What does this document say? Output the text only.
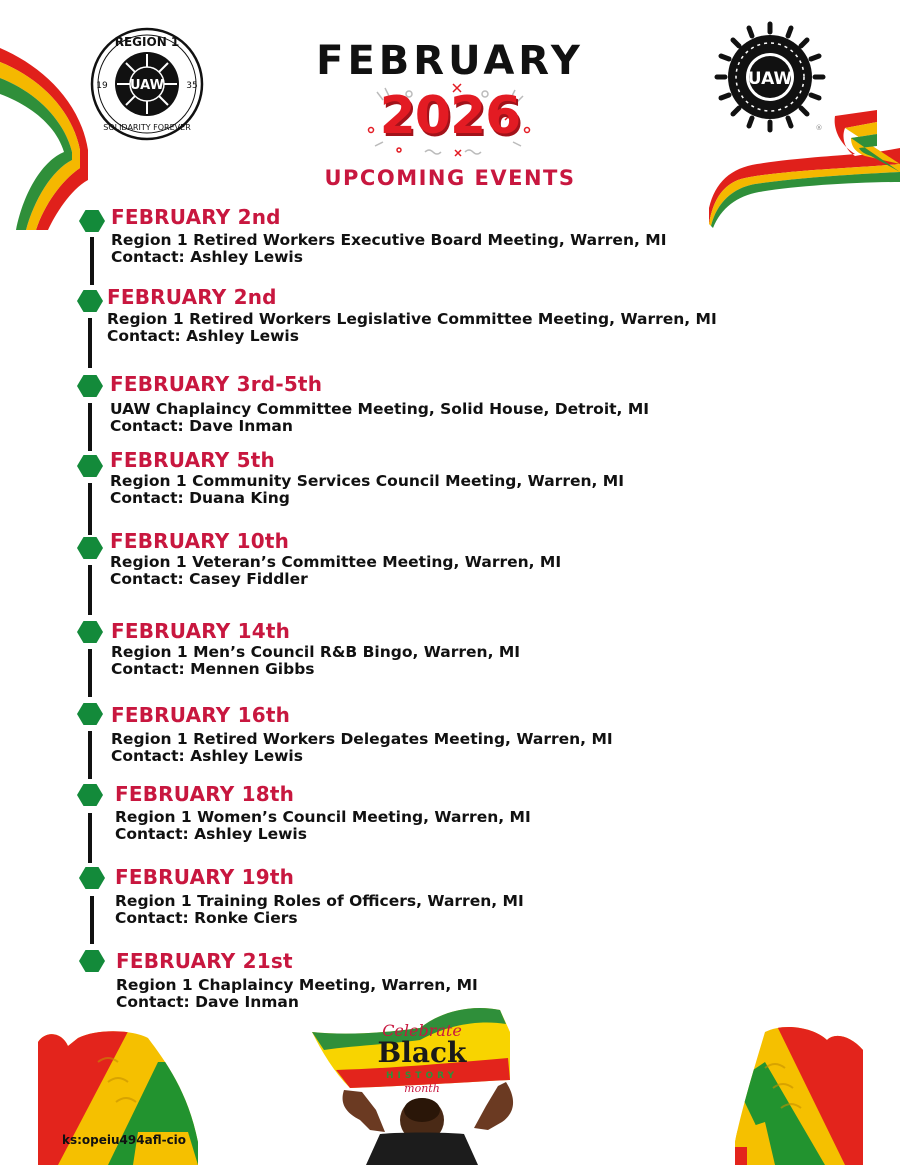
UAW
REGION 1
19	35
SOLIDARITY FOREVER
FEBRUARY
2026
UPCOMING EVENTS
UAW
®
FEBRUARY 2nd
Region 1 Retired Workers Executive Board Meeting, Warren, MI
Contact: Ashley Lewis
FEBRUARY 2nd
Region 1 Retired Workers Legislative Committee Meeting, Warren, MI
Contact: Ashley Lewis
FEBRUARY 3rd-5th
UAW Chaplaincy Committee Meeting, Solid House, Detroit, MI
Contact: Dave Inman
FEBRUARY 5th
Region 1 Community Services Council Meeting, Warren, MI
Contact: Duana King
FEBRUARY 10th
Region 1 Veteran’s Committee Meeting, Warren, MI
Contact: Casey Fiddler
FEBRUARY 14th
Region 1 Men’s Council R&B Bingo, Warren, MI
Contact: Mennen Gibbs
FEBRUARY 16th
Region 1 Retired Workers Delegates Meeting, Warren, MI
Contact: Ashley Lewis
FEBRUARY 18th
Region 1 Women’s Council Meeting, Warren, MI
Contact: Ashley Lewis
FEBRUARY 19th
Region 1 Training Roles of Officers, Warren, MI
Contact: Ronke Ciers
FEBRUARY 21st
Region 1 Chaplaincy Meeting, Warren, MI
Contact: Dave Inman
ks:opeiu494afl-cio
Celebrate
Black
HISTORY
month
